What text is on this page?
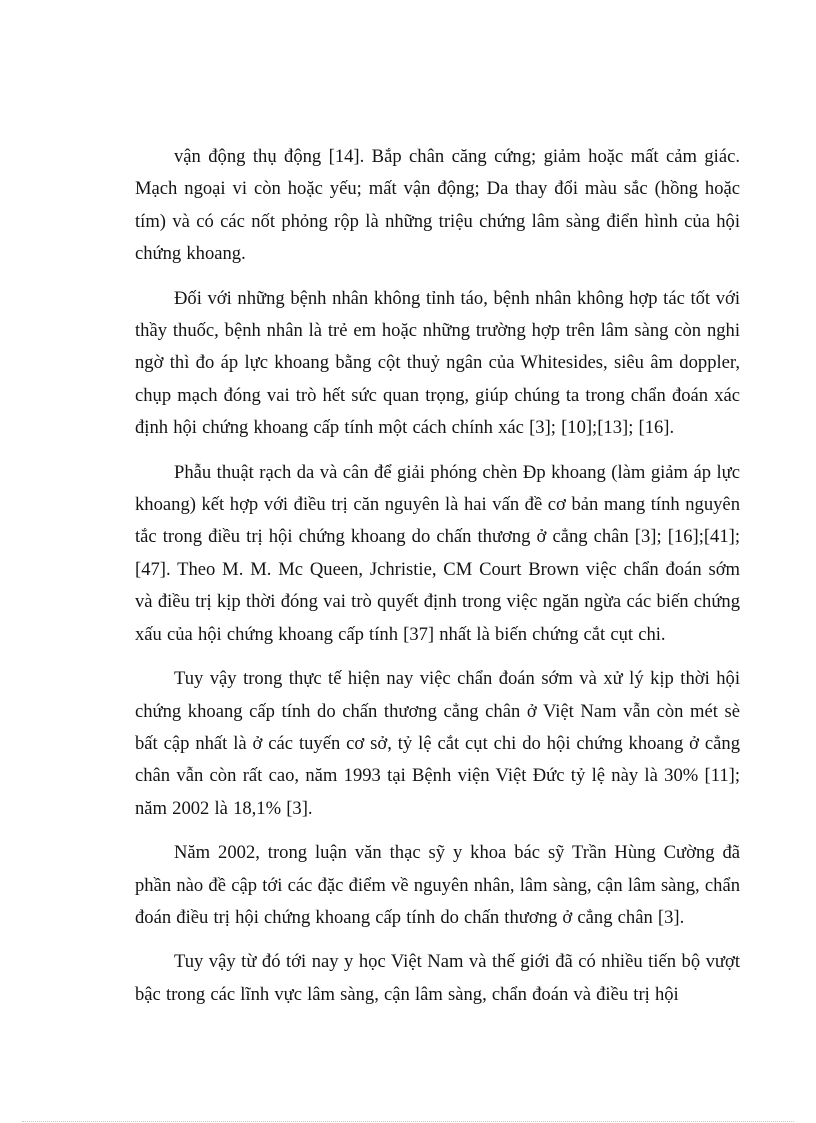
vận động thụ động [14]. Bắp chân căng cứng; giảm hoặc mất cảm giác. Mạch ngoại vi còn hoặc yếu; mất vận động; Da thay đổi màu sắc (hồng hoặc tím) và có các nốt phỏng rộp là những triệu chứng lâm sàng điển hình của hội chứng khoang.

Đối với những bệnh nhân không tỉnh táo, bệnh nhân không hợp tác tốt với thầy thuốc, bệnh nhân là trẻ em hoặc những trường hợp trên lâm sàng còn nghi ngờ thì đo áp lực khoang bằng cột thuỷ ngân của Whitesides, siêu âm doppler, chụp mạch đóng vai trò hết sức quan trọng, giúp chúng ta trong chẩn đoán xác định hội chứng khoang cấp tính một cách chính xác [3]; [10];[13]; [16].

Phẫu thuật rạch da và cân để giải phóng chèn Ðp khoang (làm giảm áp lực khoang) kết hợp với điều trị căn nguyên là hai vấn đề cơ bản mang tính nguyên tắc trong điều trị hội chứng khoang do chấn thương ở cẳng chân [3]; [16];[41]; [47]. Theo M. M. Mc Queen, Jchristie, CM Court Brown việc chẩn đoán sớm và điều trị kịp thời đóng vai trò quyết định trong việc ngăn ngừa các biến chứng xấu của hội chứng khoang cấp tính [37] nhất là biến chứng cắt cụt chi.

Tuy vậy trong thực tế hiện nay việc chẩn đoán sớm và xử lý kịp thời hội chứng khoang cấp tính do chấn thương cẳng chân ở Việt Nam vẫn còn mét sè bất cập nhất là ở các tuyến cơ sở, tỷ lệ cắt cụt chi do hội chứng khoang ở cẳng chân vẫn còn rất cao, năm 1993 tại Bệnh viện Việt Đức tỷ lệ này là 30% [11]; năm 2002 là 18,1% [3].

Năm 2002, trong luận văn thạc sỹ y khoa bác sỹ Trần Hùng Cường đã phần nào đề cập tới các đặc điểm về nguyên nhân, lâm sàng, cận lâm sàng, chẩn đoán điều trị hội chứng khoang cấp tính do chấn thương ở cẳng chân [3].

Tuy vậy từ đó tới nay y học Việt Nam và thế giới đã có nhiều tiến bộ vượt bậc trong các lĩnh vực lâm sàng, cận lâm sàng, chẩn đoán và điều trị hội
